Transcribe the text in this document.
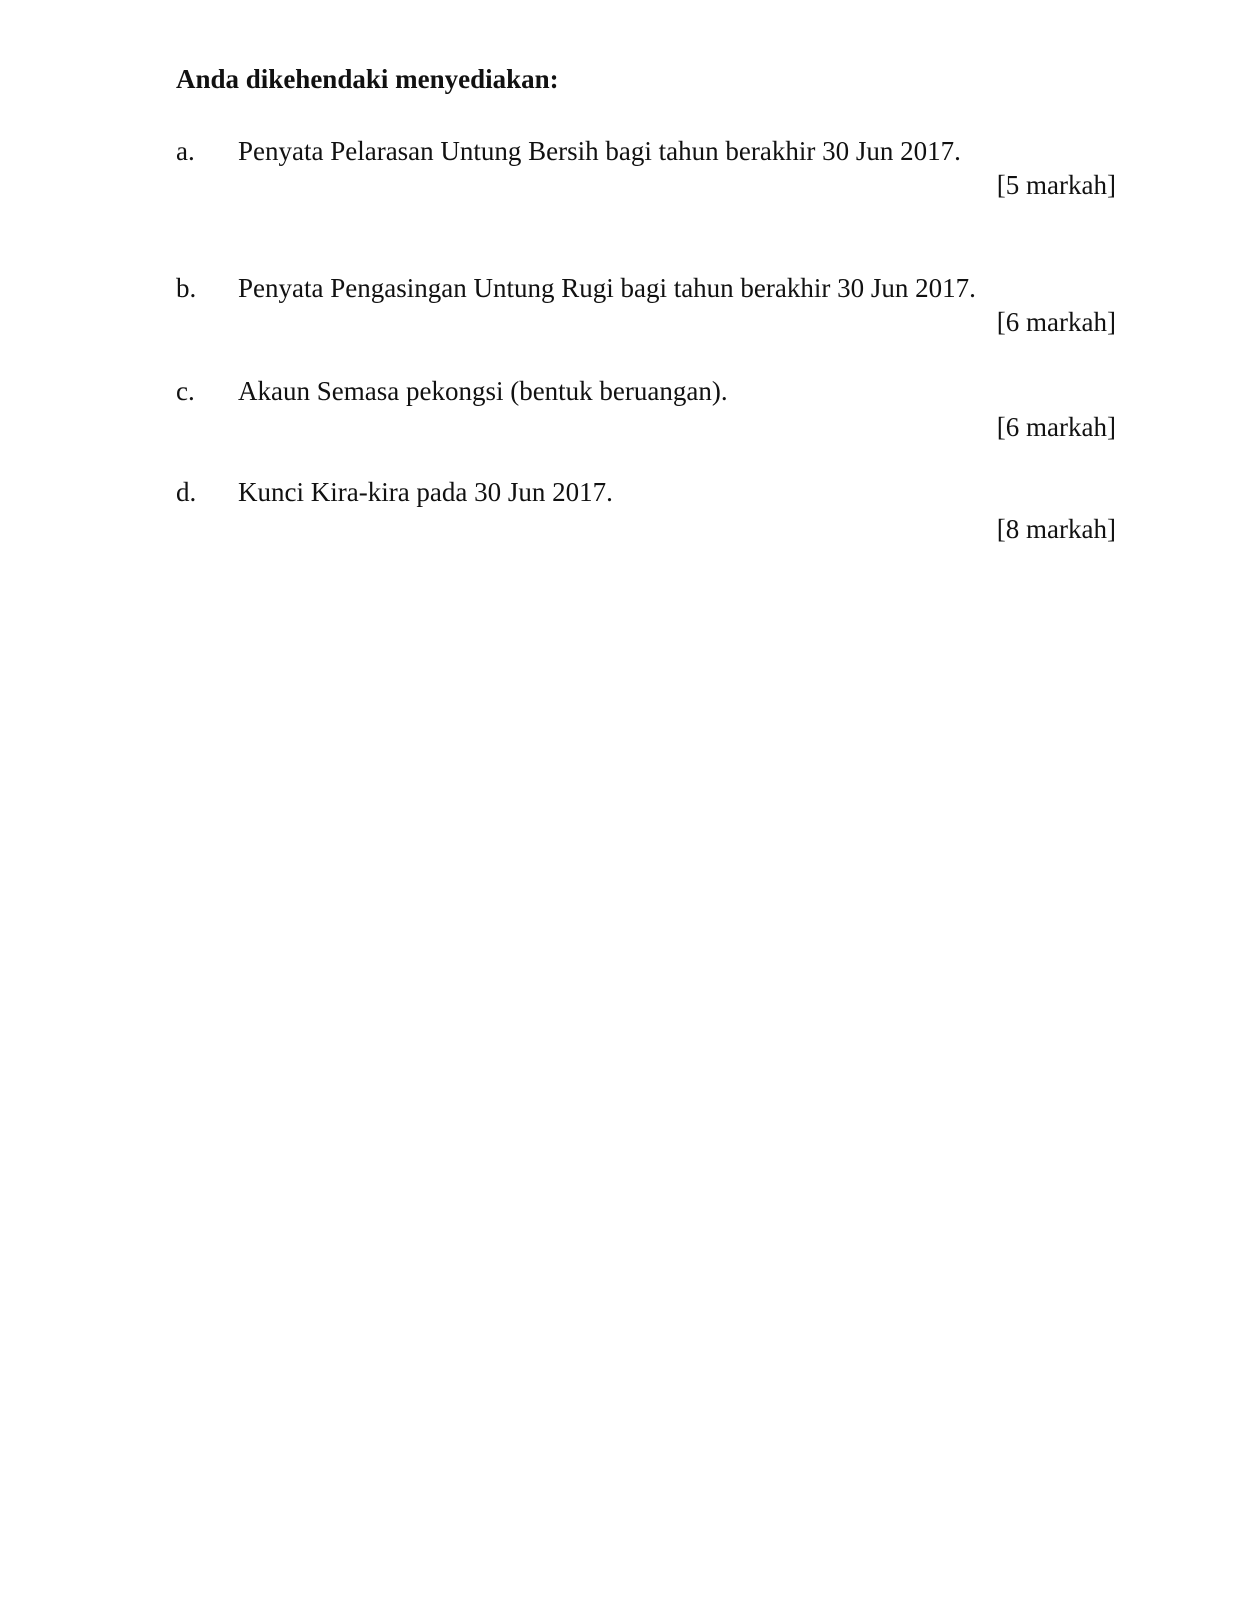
Anda dikehendaki menyediakan:
a. Penyata Pelarasan Untung Bersih bagi tahun berakhir 30 Jun 2017.
[5 markah]
b. Penyata Pengasingan Untung Rugi bagi tahun berakhir 30 Jun 2017.
[6 markah]
c. Akaun Semasa pekongsi (bentuk beruangan).
[6 markah]
d. Kunci Kira-kira pada 30 Jun 2017.
[8 markah]
